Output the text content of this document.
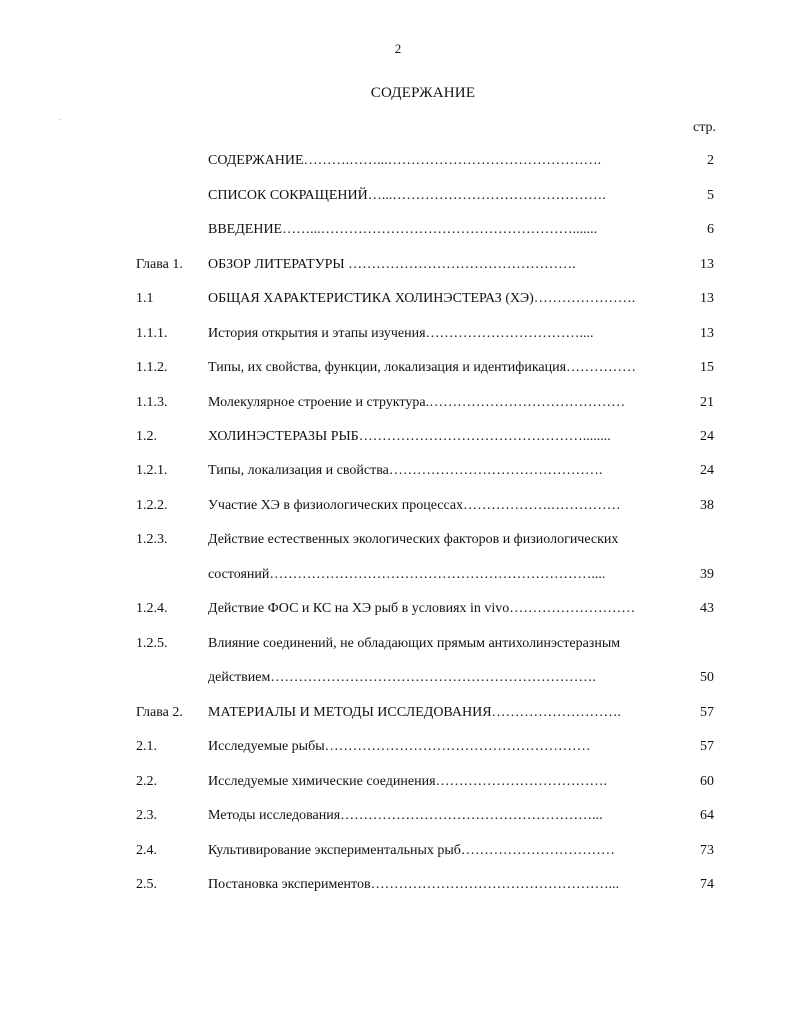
2
СОДЕРЖАНИЕ
стр.
СОДЕРЖАНИЕ……….……...……………………………………….	2
СПИСОК СОКРАЩЕНИЙ…...……………………………………….	5
ВВЕДЕНИЕ……...……………………………………………….......	6
Глава 1. ОБЗОР ЛИТЕРАТУРЫ ………………………………………….	13
1.1	ОБЩАЯ ХАРАКТЕРИСТИКА ХОЛИНЭСТЕРАЗ (ХЭ)………………….	13
1.1.1.	История открытия и этапы изучения……………………………....	13
1.1.2.	Типы, их свойства, функции, локализация и идентификация……………	15
1.1.3.	Молекулярное строение и структура.……………………………………	21
1.2.	ХОЛИНЭСТЕРАЗЫ РЫБ…………………………………………........	24
1.2.1.	Типы, локализация и свойства……………………………………….	24
1.2.2.	Участие ХЭ в физиологических процессах……………….……………	38
1.2.3.	Действие естественных экологических факторов и физиологических
состояний……………………………………………………………....	39
1.2.4.	Действие ФОС и КС на ХЭ рыб в условиях in vivo………………………	43
1.2.5.	Влияние соединений, не обладающих прямым антихолинэстеразным
действием…………………………………………………………….	50
Глава 2. МАТЕРИАЛЫ И МЕТОДЫ ИССЛЕДОВАНИЯ……………………….	57
2.1.	Исследуемые рыбы…………………………………………………	57
2.2.	Исследуемые химические соединения……………………………….	60
2.3.	Методы исследования………………………………………………...	64
2.4.	Культивирование экспериментальных рыб……………………………	73
2.5.	Постановка экспериментов……………………………………………...	74
